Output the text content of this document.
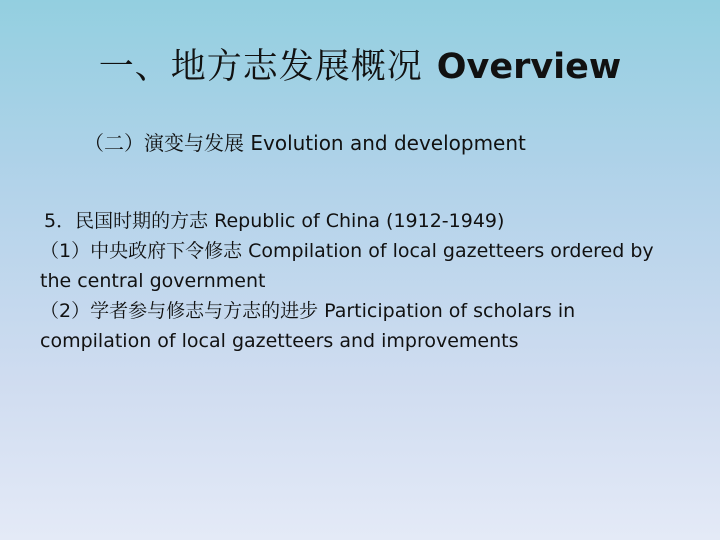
一、地方志发展概况 Overview
（二）演变与发展 Evolution and development

5．民国时期的方志 Republic of China (1912-1949)

（1）中央政府下令修志 Compilation of local gazetteers ordered by the central government

（2）学者参与修志与方志的进步 Participation of scholars in compilation of local gazetteers and improvements
